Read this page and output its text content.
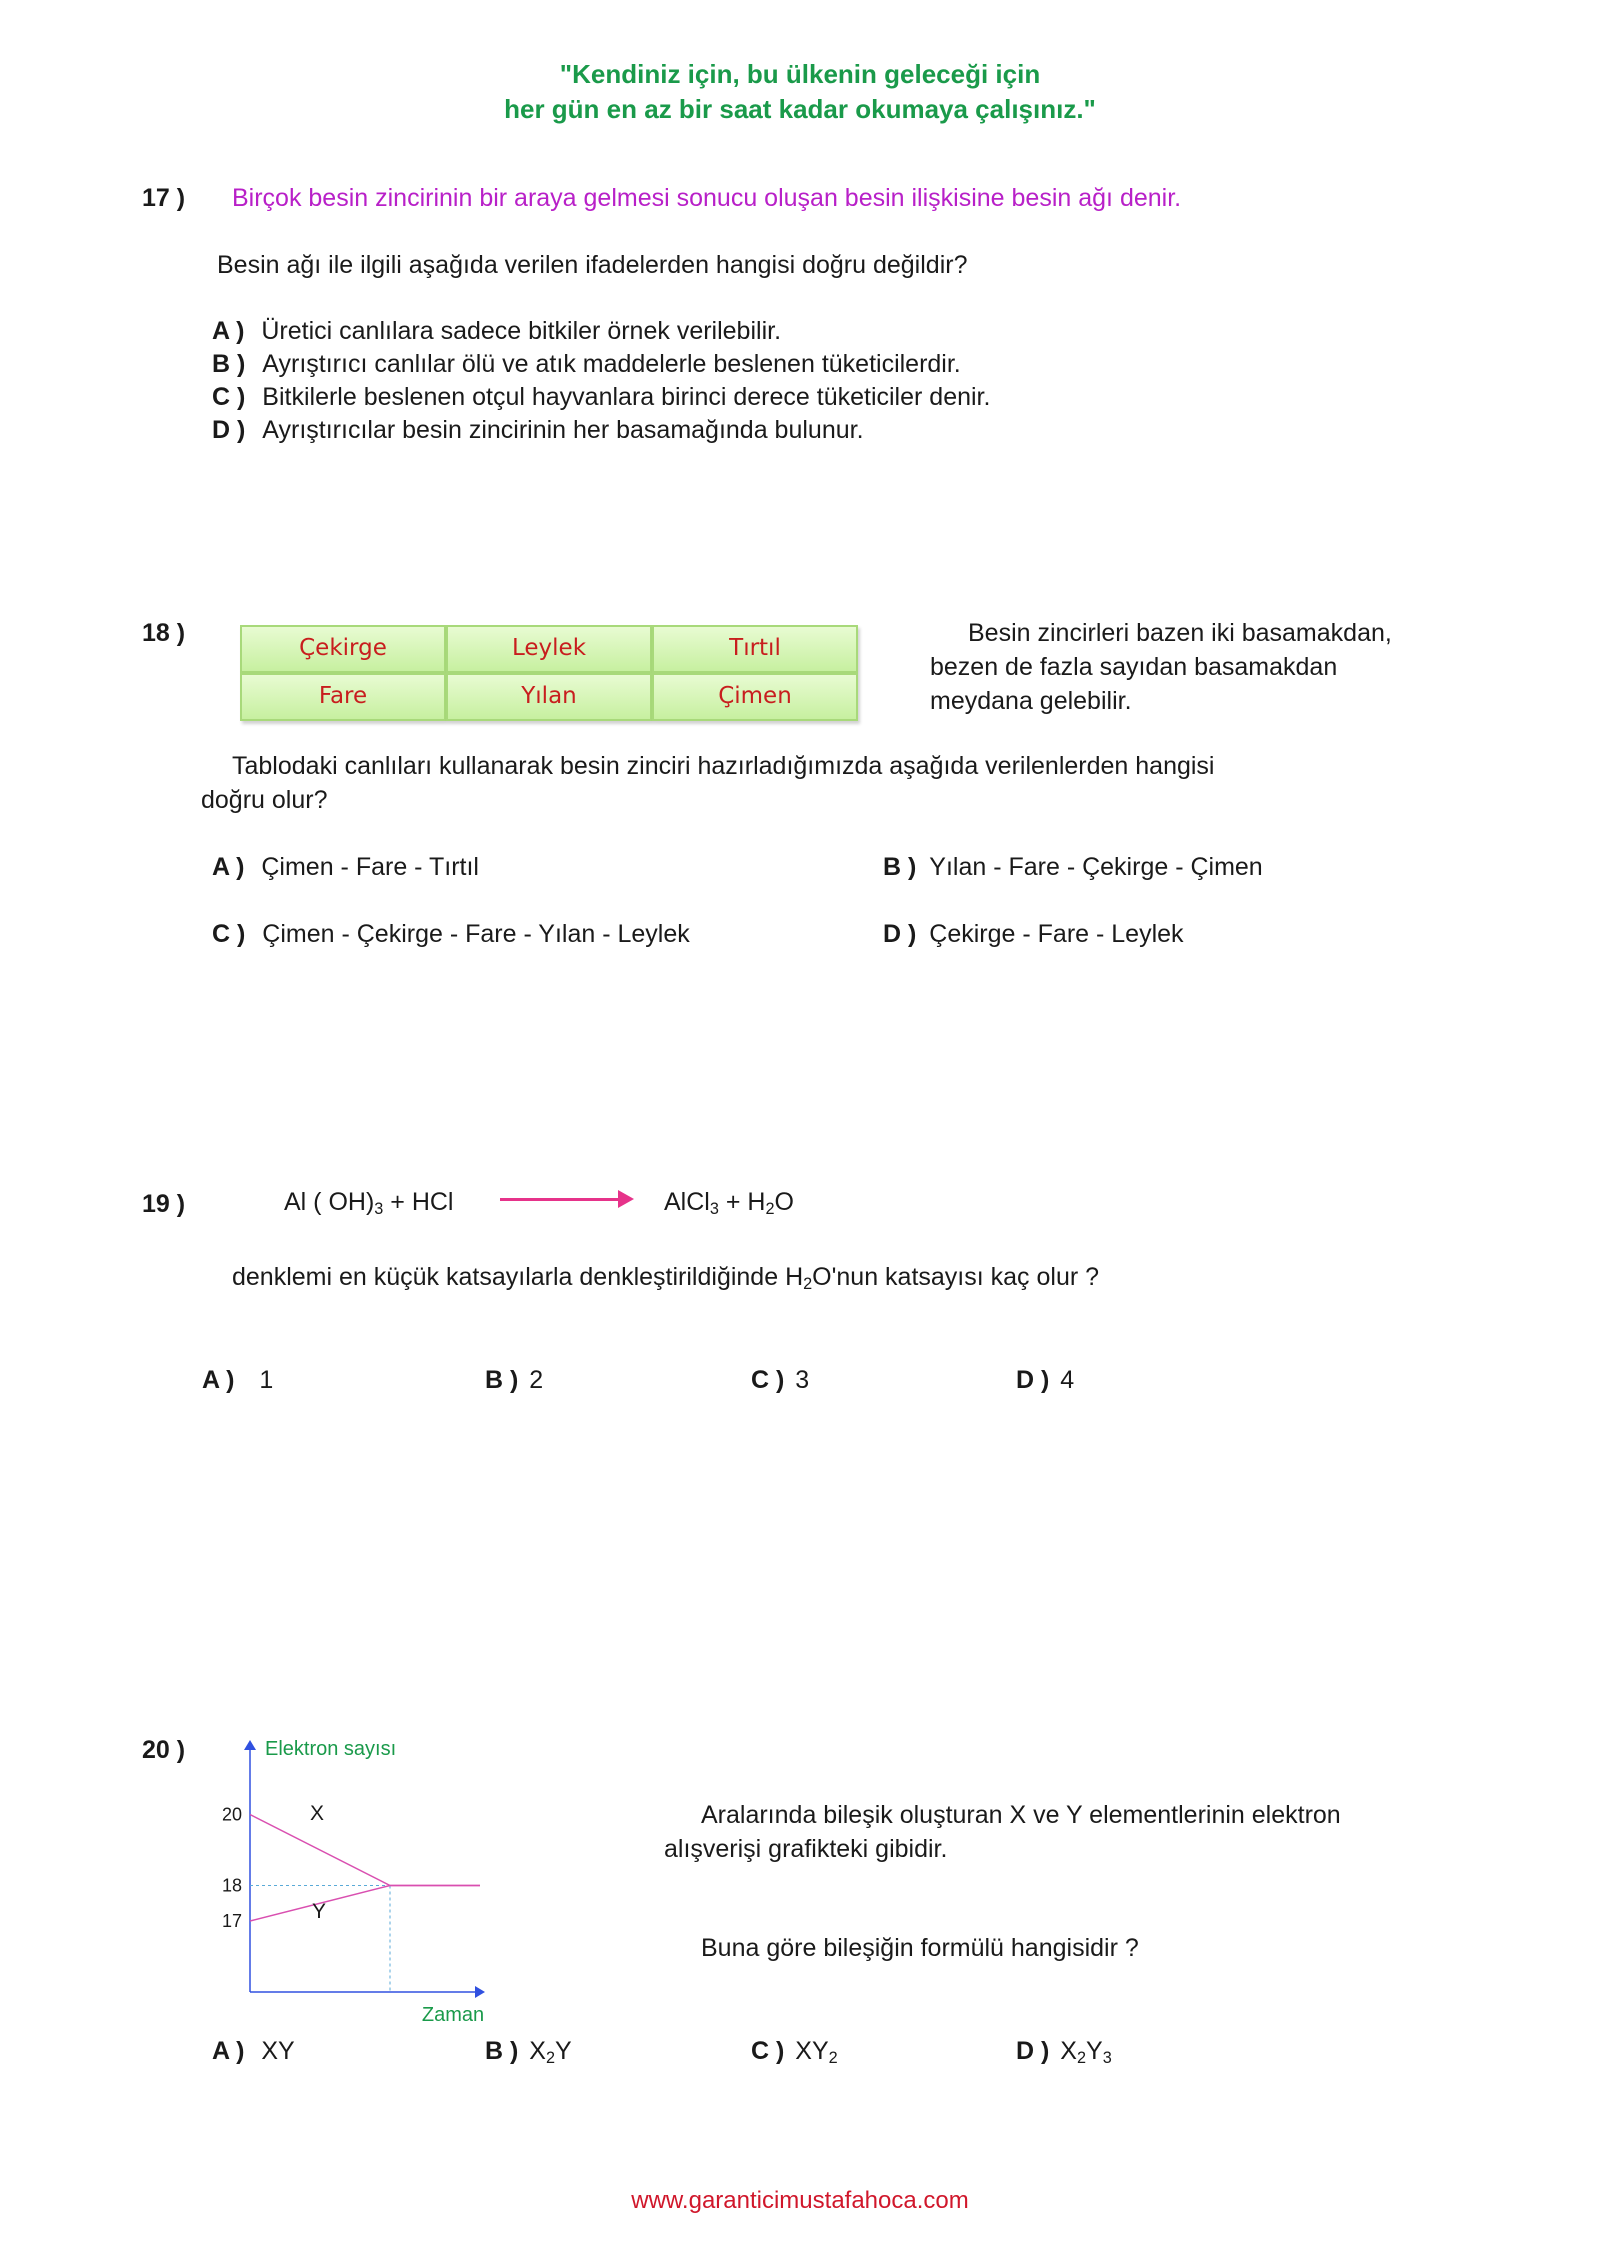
"Kendiniz için, bu ülkenin geleceği için
her gün en az bir saat kadar okumaya çalışınız."
17 ) Birçok besin zincirinin bir araya gelmesi sonucu oluşan besin ilişkisine besin ağı denir.
Besin ağı ile ilgili aşağıda verilen ifadelerden hangisi doğru değildir?
A ) Üretici canlılara sadece bitkiler örnek verilebilir.
B ) Ayrıştırıcı canlılar ölü ve atık maddelerle beslenen tüketicilerdir.
C ) Bitkilerle beslenen otçul hayvanlara birinci derece tüketiciler denir.
D ) Ayrıştırıcılar besin zincirinin her basamağında bulunur.
18 )
Çekirge	Leylek	Tırtıl
Fare	Yılan	Çimen
Besin zincirleri bazen iki basamakdan,
bezen de fazla sayıdan basamakdan
meydana gelebilir.
Tablodaki canlıları kullanarak besin zinciri hazırladığımızda aşağıda verilenlerden hangisi
doğru olur?
A ) Çimen - Fare - Tırtıl	B ) Yılan - Fare - Çekirge - Çimen
C ) Çimen - Çekirge - Fare - Yılan - Leylek	D ) Çekirge - Fare - Leylek
19 )	Al ( $OH)_3$ + HCl	AlCl$_3$ + $H_2O$
denklemi en küçük katsayılarla denkleştirildiğinde $H_2O'nun$ katsayısı kaç olur ?
A ) 1	B ) 2	C ) 3	D ) 4
20 )
20
18
17
Elektron sayısı
Zaman
X
Y
Aralarında bileşik oluşturan X ve Y elementlerinin elektron
alışverişi grafikteki gibidir.
Buna göre bileşiğin formülü hangisidir ?
A ) XY	B ) $X_2Y$	C ) $XY_2$	D ) $X_2Y_3$
www.garanticimustafahoca.com
